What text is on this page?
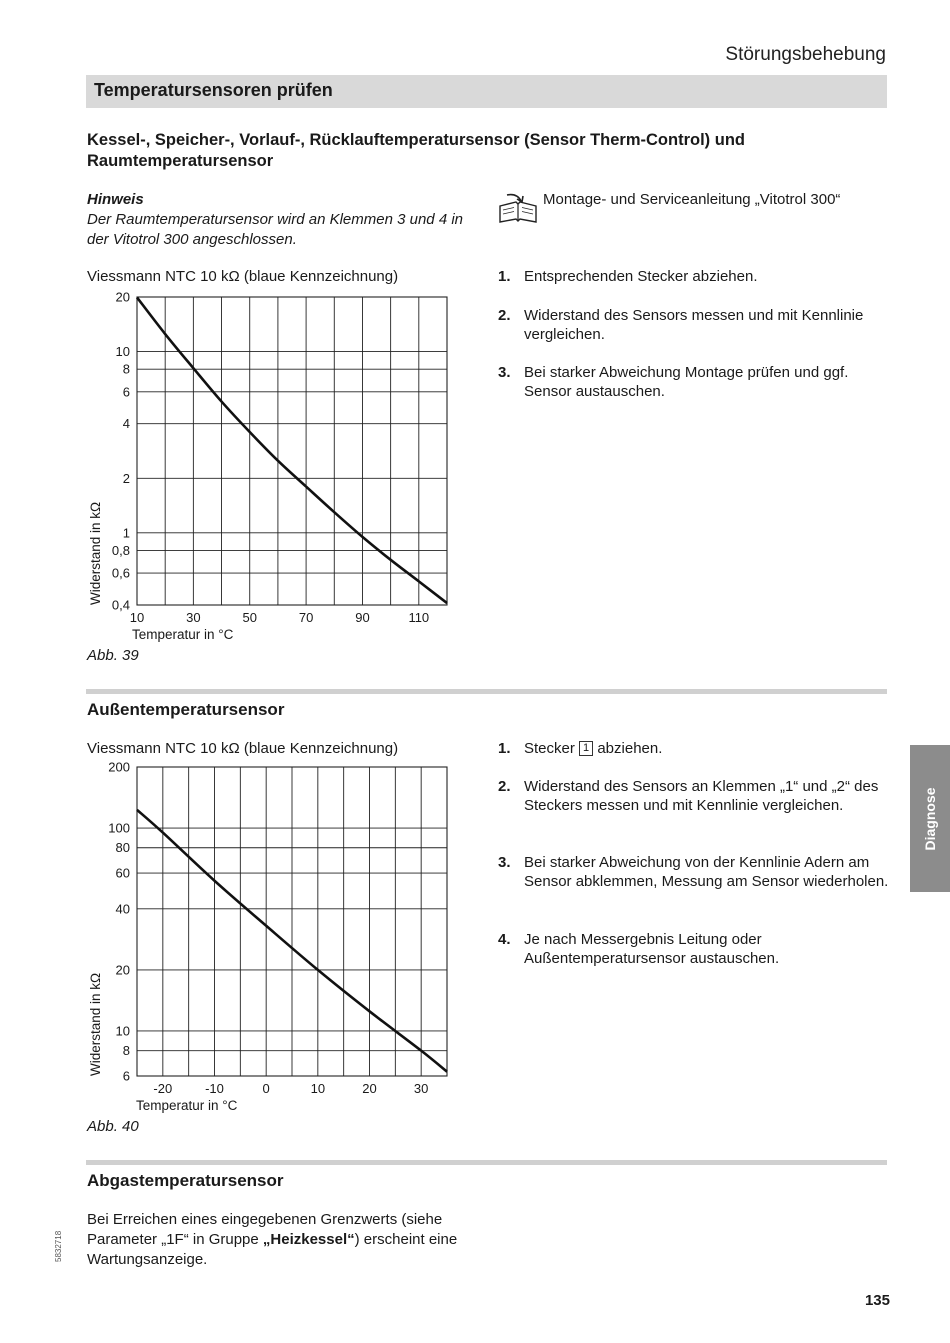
Störungsbehebung
Temperatursensoren prüfen
Kessel-, Speicher-, Vorlauf-, Rücklauftemperatursensor (Sensor Therm-Control) und Raumtemperatursensor
Hinweis
Der Raumtemperatursensor wird an Klemmen 3 und 4 in der Vitotrol 300 angeschlossen.
Montage- und Serviceanleitung „Vitotrol 300“
1. Entsprechenden Stecker abziehen.
2. Widerstand des Sensors messen und mit Kennlinie vergleichen.
3. Bei starker Abweichung Montage prüfen und ggf. Sensor austauschen.
Viessmann NTC 10 kΩ (blaue Kennzeichnung)
20
10
8
6
4
2
1
0,8
0,6
0,4
10	30	50	70	90	110
Temperatur in °C
Widerstand in kΩ
Abb. 39
Außentemperatursensor
Viessmann NTC 10 kΩ (blaue Kennzeichnung)
200
100
80
60
40
20
10
8
6
-20	-10	0	10	20	30
Temperatur in °C
Widerstand in kΩ
Abb. 40
1. Stecker 1 abziehen.
2. Widerstand des Sensors an Klemmen „1“ und „2“ des Steckers messen und mit Kennlinie vergleichen.
3. Bei starker Abweichung von der Kennlinie Adern am Sensor abklemmen, Messung am Sensor wiederholen.
4. Je nach Messergebnis Leitung oder Außentemperatursensor austauschen.
Abgastemperatursensor
Bei Erreichen eines eingegebenen Grenzwerts (siehe Parameter „1F“ in Gruppe „Heizkessel“) erscheint eine Wartungsanzeige.
Diagnose
5832718
135
